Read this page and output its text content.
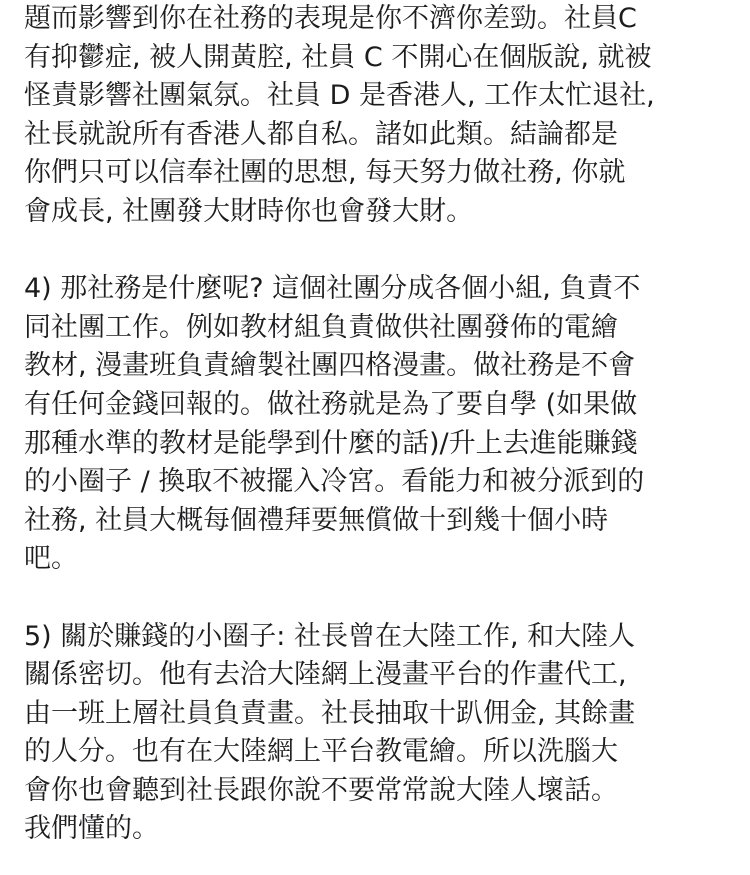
題而影響到你在社務的表現是你不濟你差勁。社員C
有抑鬱症, 被人開黃腔, 社員 C 不開心在個版說, 就被
怪責影響社團氣氛。社員 D 是香港人, 工作太忙退社,
社長就說所有香港人都自私。諸如此類。結論都是
你們只可以信奉社團的思想, 每天努力做社務, 你就
會成長, 社團發大財時你也會發大財。
4) 那社務是什麼呢? 這個社團分成各個小組, 負責不
同社團工作。例如教材組負責做供社團發佈的電繪
教材, 漫畫班負責繪製社團四格漫畫。做社務是不會
有任何金錢回報的。做社務就是為了要自學 (如果做
那種水準的教材是能學到什麼的話)/升上去進能賺錢
的小圈子 / 換取不被擺入冷宮。看能力和被分派到的
社務, 社員大概每個禮拜要無償做十到幾十個小時
吧。
5) 關於賺錢的小圈子: 社長曾在大陸工作, 和大陸人
關係密切。他有去洽大陸網上漫畫平台的作畫代工,
由一班上層社員負責畫。社長抽取十趴佣金, 其餘畫
的人分。也有在大陸網上平台教電繪。所以洗腦大
會你也會聽到社長跟你說不要常常說大陸人壞話。
我們懂的。
